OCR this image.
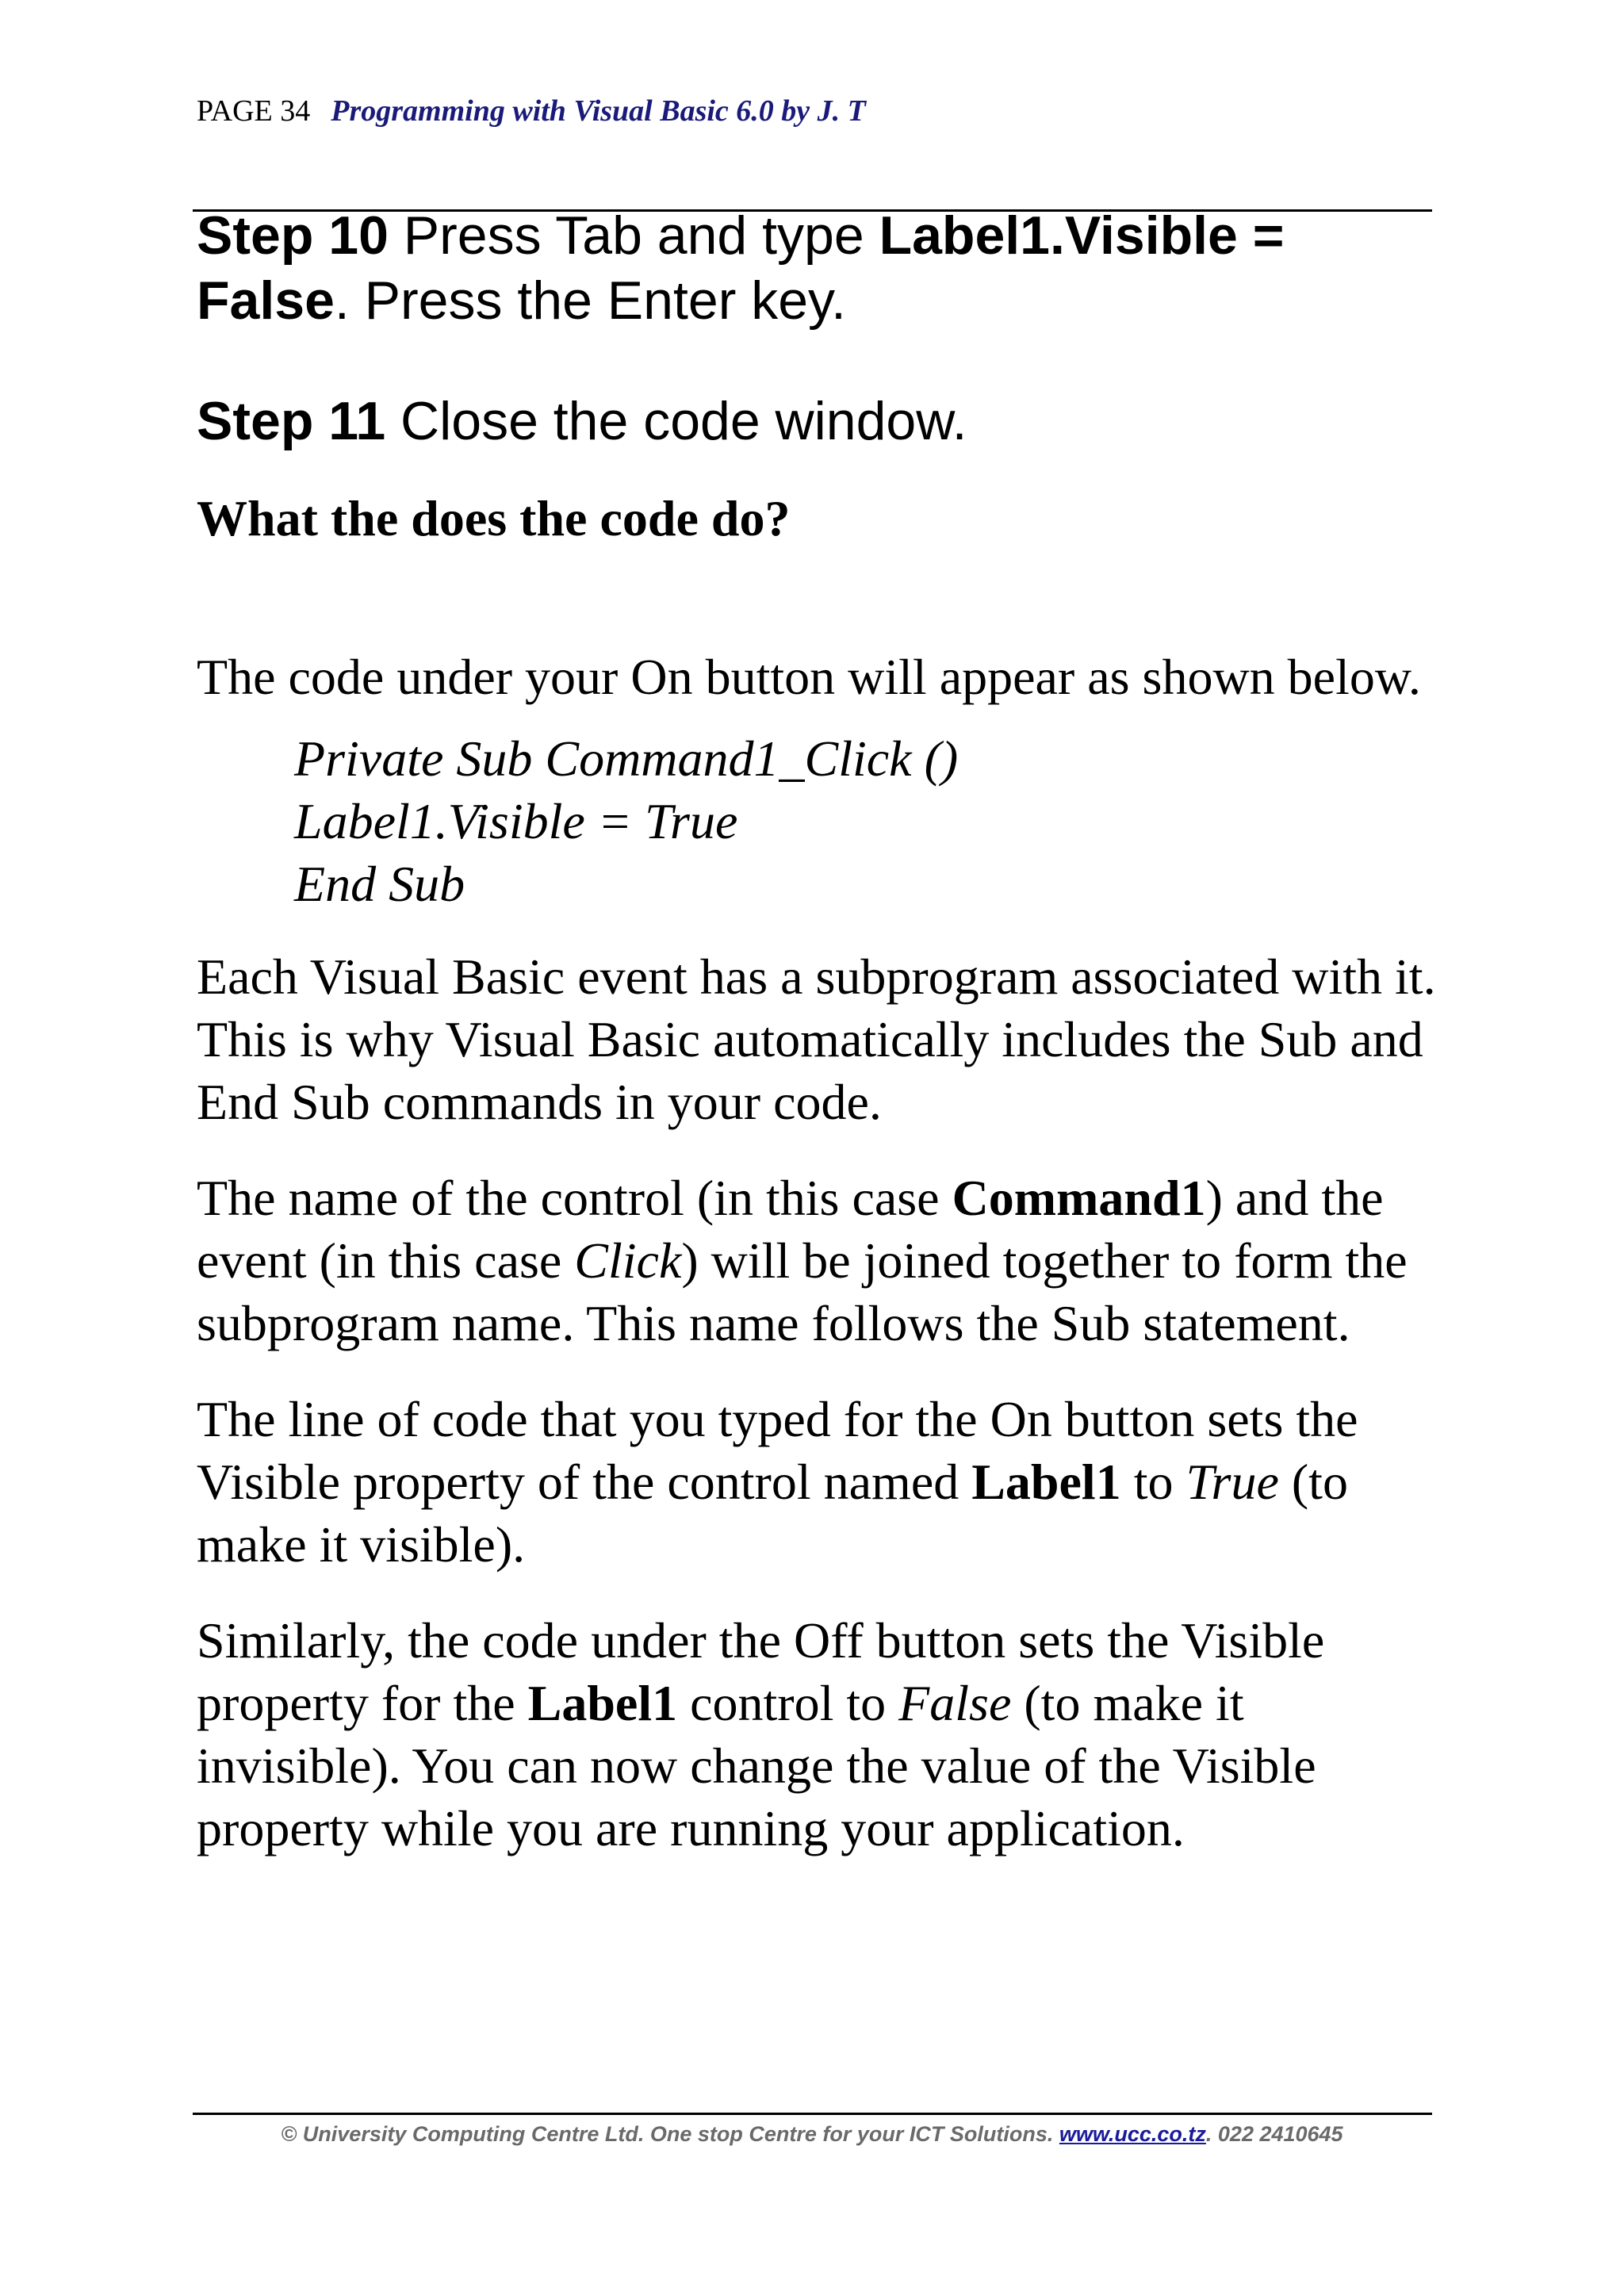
PAGE 34 Programming with Visual Basic 6.0 by J. T

Step 10 Press Tab and type Label1.Visible = False. Press the Enter key.

Step 11 Close the code window.

What the does the code do?

The code under your On button will appear as shown below.

Private Sub Command1_Click ()
Label1.Visible = True
End Sub

Each Visual Basic event has a subprogram associated with it. This is why Visual Basic automatically includes the Sub and End Sub commands in your code.

The name of the control (in this case Command1) and the event (in this case Click) will be joined together to form the subprogram name. This name follows the Sub statement.

The line of code that you typed for the On button sets the Visible property of the control named Label1 to True (to make it visible).

Similarly, the code under the Off button sets the Visible property for the Label1 control to False (to make it invisible). You can now change the value of the Visible property while you are running your application.

© University Computing Centre Ltd. One stop Centre for your ICT Solutions. www.ucc.co.tz. 022 2410645
